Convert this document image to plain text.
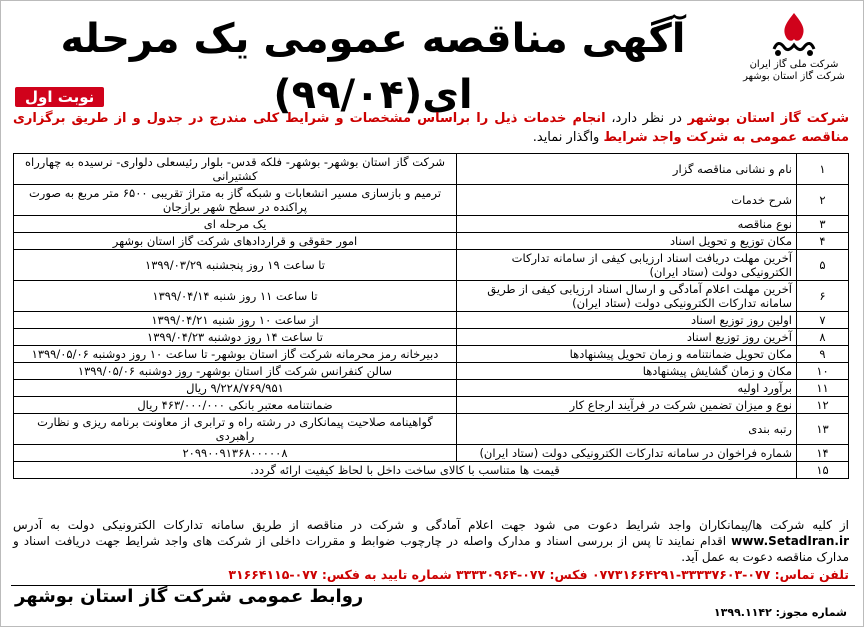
شرکت ملی گاز ایران
شرکت گاز استان بوشهر
آگهی مناقصه عمومی یک مرحله ای(۹۹/۰۴)
نوبت اول
شرکت گاز استان بوشهر در نظر دارد، انجام خدمات ذیل را براساس مشخصات و شرایط کلی مندرج در جدول و از طریق برگزاری مناقصه عمومی به شرکت واجد شرایط واگذار نماید.
۱	نام و نشانی مناقصه گزار	شرکت گاز استان بوشهر- بوشهر- فلکه قدس- بلوار رئیسعلی دلواری- نرسیده به چهارراه کشتیرانی
۲	شرح خدمات	ترمیم و بازسازی مسیر انشعابات و شبکه گاز به متراژ تقریبی ۶۵۰۰ متر مربع به صورت پراکنده در سطح شهر برازجان
۳	نوع مناقصه	یک مرحله ای
۴	مکان توزیع و تحویل اسناد	امور حقوقی و قراردادهای شرکت گاز استان بوشهر
۵	آخرین مهلت دریافت اسناد ارزیابی کیفی از سامانه تدارکات الکترونیکی دولت (ستاد ایران)	تا ساعت ۱۹ روز پنجشنبه ۱۳۹۹/۰۳/۲۹
۶	آخرین مهلت اعلام آمادگی و ارسال اسناد ارزیابی کیفی از طریق سامانه تدارکات الکترونیکی دولت (ستاد ایران)	تا ساعت ۱۱ روز شنبه ۱۳۹۹/۰۴/۱۴
۷	اولین روز توزیع اسناد	از ساعت ۱۰ روز شنبه ۱۳۹۹/۰۴/۲۱
۸	آخرین روز توزیع اسناد	تا ساعت ۱۴ روز دوشنبه ۱۳۹۹/۰۴/۲۳
۹	مکان تحویل ضمانتنامه و زمان تحویل پیشنهادها	دبیرخانه رمز محرمانه شرکت گاز استان بوشهر- تا ساعت ۱۰ روز دوشنبه ۱۳۹۹/۰۵/۰۶
۱۰	مکان و زمان گشایش پیشنهادها	سالن کنفرانس شرکت گاز استان بوشهر- روز دوشنبه ۱۳۹۹/۰۵/۰۶
۱۱	برآورد اولیه	۹/۲۲۸/۷۶۹/۹۵۱ ریال
۱۲	نوع و میزان تضمین شرکت در فرآیند ارجاع کار	ضمانتنامه معتبر بانکی ۴۶۳/۰۰۰/۰۰۰ ریال
۱۳	رتبه بندی	گواهینامه صلاحیت پیمانکاری در رشته راه و ترابری از معاونت برنامه ریزی و نظارت راهبردی
۱۴	شماره فراخوان در سامانه تدارکات الکترونیکی دولت (ستاد ایران)	۲۰۹۹۰۰۹۱۳۶۸۰۰۰۰۰۸
۱۵	قیمت ها متناسب با کالای ساخت داخل با لحاظ کیفیت ارائه گردد.	
از کلیه شرکت ها/پیمانکاران واجد شرایط دعوت می شود جهت اعلام آمادگی و شرکت در مناقصه از طریق سامانه تدارکات الکترونیکی دولت به آدرس www.SetadIran.ir اقدام نمایند تا پس از بررسی اسناد و مدارک واصله در چارچوب ضوابط و مقررات داخلی از شرکت های واجد شرایط جهت دریافت اسناد و مدارک مناقصه دعوت به عمل آید.
تلفن تماس: ۰۷۷-۳۳۳۳۷۶۰۳-۰۷۷۳۱۶۶۴۲۹۱ فکس: ۰۷۷-۳۳۳۳۰۹۶۴ شماره تایید به فکس: ۰۷۷-۳۱۶۶۴۱۱۵
روابط عمومی شرکت گاز استان بوشهر
شماره مجوز: ۱۳۹۹.۱۱۴۲
